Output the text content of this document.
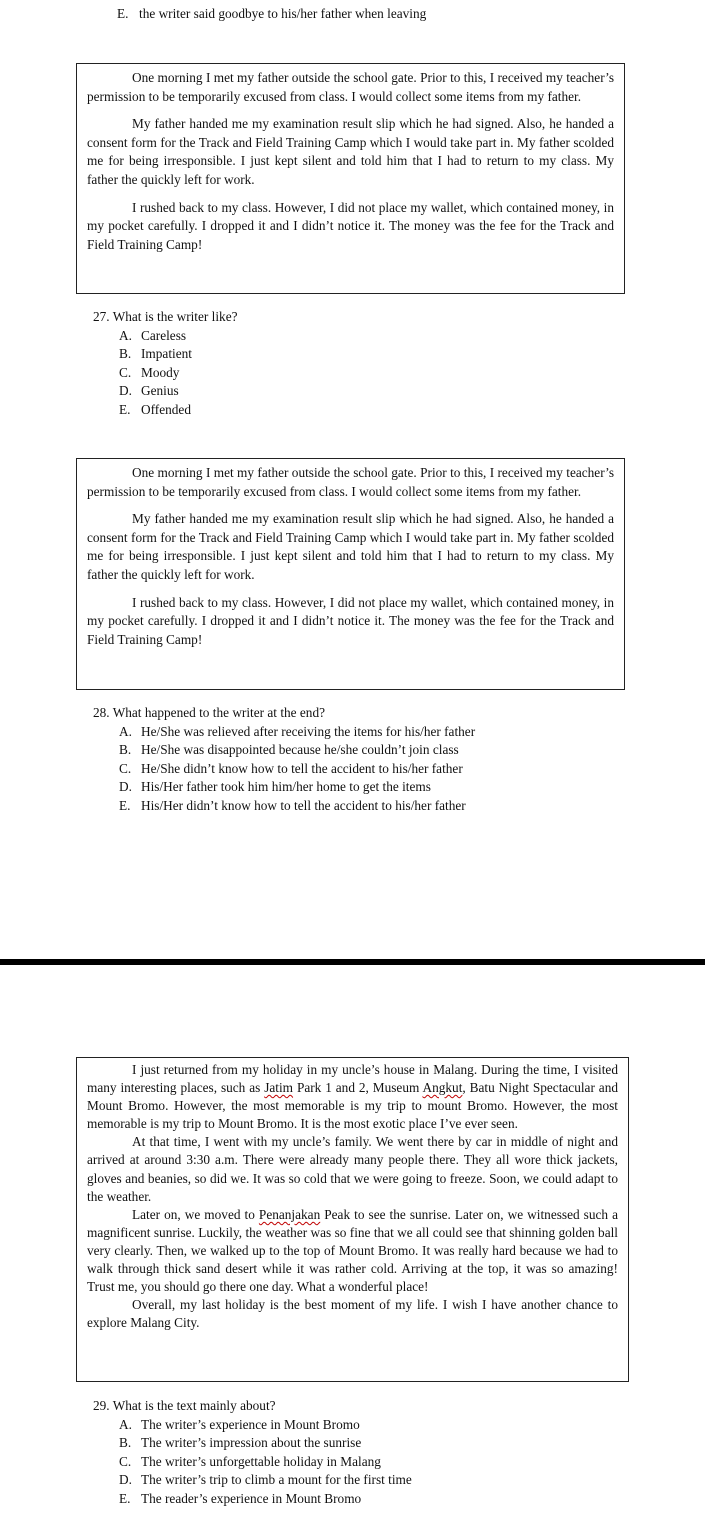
E. the writer said goodbye to his/her father when leaving

One morning I met my father outside the school gate. Prior to this, I received my teacher’s permission to be temporarily excused from class. I would collect some items from my father.

My father handed me my examination result slip which he had signed. Also, he handed a consent form for the Track and Field Training Camp which I would take part in. My father scolded me for being irresponsible. I just kept silent and told him that I had to return to my class. My father the quickly left for work.

I rushed back to my class. However, I did not place my wallet, which contained money, in my pocket carefully. I dropped it and I didn’t notice it. The money was the fee for the Track and Field Training Camp!

27. What is the writer like?

A. Careless
B. Impatient
C. Moody
D. Genius
E. Offended

One morning I met my father outside the school gate. Prior to this, I received my teacher’s permission to be temporarily excused from class. I would collect some items from my father.

My father handed me my examination result slip which he had signed. Also, he handed a consent form for the Track and Field Training Camp which I would take part in. My father scolded me for being irresponsible. I just kept silent and told him that I had to return to my class. My father the quickly left for work.

I rushed back to my class. However, I did not place my wallet, which contained money, in my pocket carefully. I dropped it and I didn’t notice it. The money was the fee for the Track and Field Training Camp!

28. What happened to the writer at the end?

A. He/She was relieved after receiving the items for his/her father
B. He/She was disappointed because he/she couldn’t join class
C. He/She didn’t know how to tell the accident to his/her father
D. His/Her father took him him/her home to get the items
E. His/Her didn’t know how to tell the accident to his/her father

I just returned from my holiday in my uncle’s house in Malang. During the time, I visited many interesting places, such as Jatim Park 1 and 2, Museum Angkut, Batu Night Spectacular and Mount Bromo. However, the most memorable is my trip to mount Bromo. However, the most memorable is my trip to Mount Bromo. It is the most exotic place I’ve ever seen.

At that time, I went with my uncle’s family. We went there by car in middle of night and arrived at around 3:30 a.m. There were already many people there. They all wore thick jackets, gloves and beanies, so did we. It was so cold that we were going to freeze. Soon, we could adapt to the weather.

Later on, we moved to Penanjakan Peak to see the sunrise. Later on, we witnessed such a magnificent sunrise. Luckily, the weather was so fine that we all could see that shinning golden ball very clearly. Then, we walked up to the top of Mount Bromo. It was really hard because we had to walk through thick sand desert while it was rather cold. Arriving at the top, it was so amazing! Trust me, you should go there one day. What a wonderful place!

Overall, my last holiday is the best moment of my life. I wish I have another chance to explore Malang City.

29. What is the text mainly about?

A. The writer’s experience in Mount Bromo
B. The writer’s impression about the sunrise
C. The writer’s unforgettable holiday in Malang
D. The writer’s trip to climb a mount for the first time
E. The reader’s experience in Mount Bromo
